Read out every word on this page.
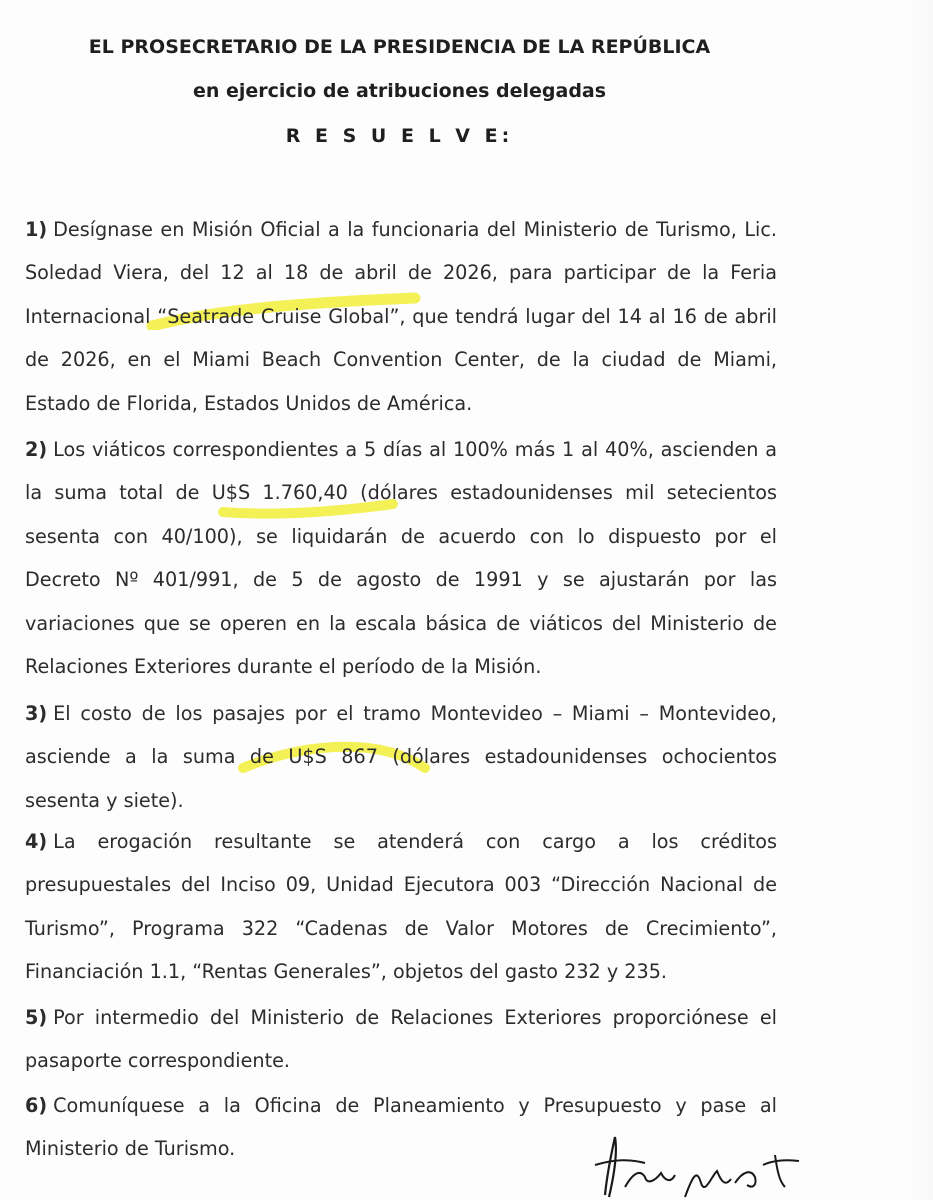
EL PROSECRETARIO DE LA PRESIDENCIA DE LA REPÚBLICA
en ejercicio de atribuciones delegadas
R E S U E L V E:
1) Desígnase en Misión Oficial a la funcionaria del Ministerio de Turismo, Lic. Soledad Viera, del 12 al 18 de abril de 2026, para participar de la Feria Internacional “Seatrade Cruise Global”, que tendrá lugar del 14 al 16 de abril de 2026, en el Miami Beach Convention Center, de la ciudad de Miami, Estado de Florida, Estados Unidos de América.
2) Los viáticos correspondientes a 5 días al 100% más 1 al 40%, ascienden a la suma total de U$S 1.760,40 (dólares estadounidenses mil setecientos sesenta con 40/100), se liquidarán de acuerdo con lo dispuesto por el Decreto Nº 401/991, de 5 de agosto de 1991 y se ajustarán por las variaciones que se operen en la escala básica de viáticos del Ministerio de Relaciones Exteriores durante el período de la Misión.
3) El costo de los pasajes por el tramo Montevideo – Miami – Montevideo, asciende a la suma de U$S 867 (dólares estadounidenses ochocientos sesenta y siete).
4) La erogación resultante se atenderá con cargo a los créditos presupuestales del Inciso 09, Unidad Ejecutora 003 “Dirección Nacional de Turismo”, Programa 322 “Cadenas de Valor Motores de Crecimiento”, Financiación 1.1, “Rentas Generales”, objetos del gasto 232 y 235.
5) Por intermedio del Ministerio de Relaciones Exteriores proporciónese el pasaporte correspondiente.
6) Comuníquese a la Oficina de Planeamiento y Presupuesto y pase al Ministerio de Turismo.
